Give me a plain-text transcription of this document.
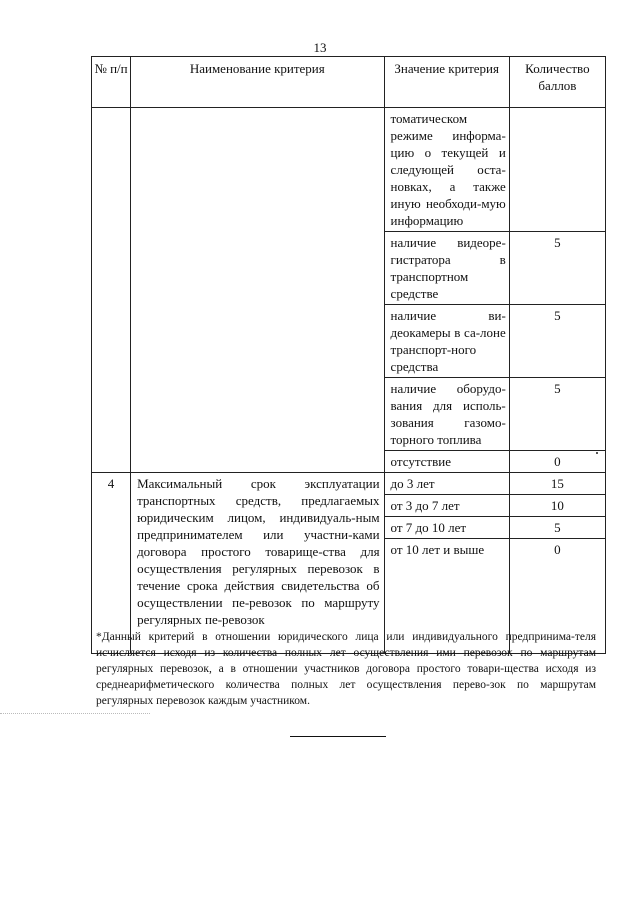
13
№ п/п	Наименование критерия	Значение критерия	Количество баллов
		томатическом режиме информа-цию о текущей и следующей оста-новках, а также иную необходи-мую информацию	
		наличие видеоре-гистратора в транспортном средстве	5
		наличие ви-деокамеры в са-лоне транспорт-ного средства	5
		наличие оборудо-вания для исполь-зования газомо-торного топлива	5
		отсутствие	0
4	Максимальный срок эксплуатации транспортных средств, предлагаемых юридическим лицом, индивидуаль-ным предпринимателем или участни-ками договора простого товарище-ства для осуществления регулярных перевозок в течение срока действия свидетельства об осуществлении пе-ревозок по маршруту регулярных пе-ревозок	до 3 лет	15
		от 3 до 7 лет	10
		от 7 до 10 лет	5
		от 10 лет и выше	0
*Данный критерий в отношении юридического лица или индивидуального предпринима-теля исчисляется исходя из количества полных лет осуществления ими перевозок по маршрутам регулярных перевозок, а в отношении участников договора простого товари-щества исходя из среднеарифметического количества полных лет осуществления перево-зок по маршрутам регулярных перевозок каждым участником.
